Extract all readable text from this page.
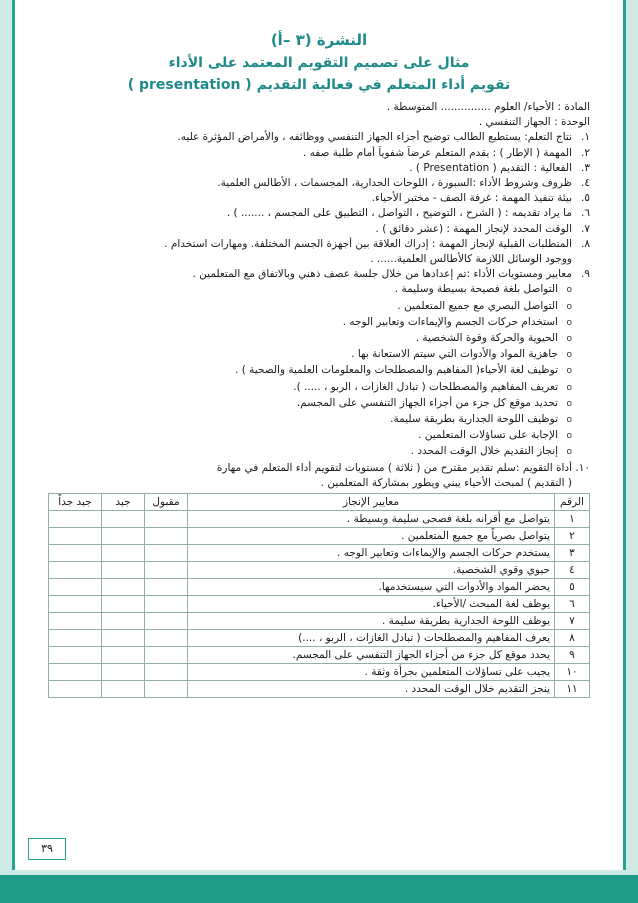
النشرة (٣ –أ)
مثال على تصميم التقويم المعتمد على الأداء
تقويم أداء المتعلم في فعالية التقديم ( presentation )
المادة : الأحياء/ العلوم ............... المتوسطة .
الوحدة : الجهاز التنفسي .
١.نتاج التعلم: يستطيع الطالب توضيح أجزاء الجهاز التنفسي ووظائفه ، والأمراض المؤثرة عليه.
٢.المهمة ( الإطار ) : يقدم المتعلم عرضاً شفوياً أمام طلبة صفه .
٣.الفعالية : التقديم ( Presentation ) .
٤.ظروف وشروط الأداء :السبورة ، اللوحات الجدارية، المجسمات ، الأطالس العلمية.
٥.بيئة تنفيذ المهمة : غرفة الصف - مختبر الأحياء.
٦.ما يراد تقديمه : ( الشرح ، التوضيح ، التواصل ، التطبيق على المجسم ، ....... ) .
٧.الوقت المحدد لإنجاز المهمة : (عشر دقائق ) .
٨.المتطلبات القبلية لإنجاز المهمة : إدراك العلاقة بين أجهزة الجسم المختلفة. ومهارات استخدام .
ووجود الوسائل اللازمة كالأطالس العلمية...... .
٩.معايير ومستويات الأداء :تم إعدادها من خلال جلسة عصف ذهني وبالاتفاق مع المتعلمين .
o التواصل بلغة فصيحة بسيطة وسليمة .
o التواصل البصري مع جميع المتعلمين .
o استخدام حركات الجسم والإيماءات وتعابير الوجه .
o الحيوية والحركة وقوة الشخصية .
o جاهزية المواد والأدوات التي سيتم الاستعانة بها .
o توظيف لغة الأحياء( المفاهيم والمصطلحات والمعلومات العلمية والصحية ) .
o تعريف المفاهيم والمصطلحات ( تبادل الغازات ، الربو ، ..... ).
o تحديد موقع كل جزء من أجزاء الجهاز التنفسي على المجسم.
o توظيف اللوحة الجدارية بطريقة سليمة.
o الإجابة على تساؤلات المتعلمين .
o إنجاز التقديم خلال الوقت المحدد .
١٠.أداة التقويم :سلم تقدير مقترح من ( ثلاثة ) مستويات لتقويم أداء المتعلم في مهارة
( التقديم ) لمبحث الأحياء يبني ويطور بمشاركة المتعلمين .
الرقم	معايير الإنجاز	مقبول	جيد	جيد جداً
١	يتواصل مع أقرانه بلغة فصحى سليمة وبسيطة .			
٢	يتواصل بصرياً مع جميع المتعلمين .			
٣	يستخدم حركات الجسم والإيماءات وتعابير الوجه .			
٤	حيوي وقوي الشخصية.			
٥	يحضر المواد والأدوات التي سيستخدمها.			
٦	يوظف لغة المبحث /الأحياء.			
٧	يوظف اللوحة الجدارية بطريقة سليمة .			
٨	يعرف المفاهيم والمصطلحات ( تبادل الغازات ، الربو ، ....)			
٩	يحدد موقع كل جزء من أجزاء الجهاز التنفسي على المجسم.			
١٠	يجيب على تساؤلات المتعلمين بجرأة وثقة .			
١١	ينجز التقديم خلال الوقت المحدد .			
٣٩
